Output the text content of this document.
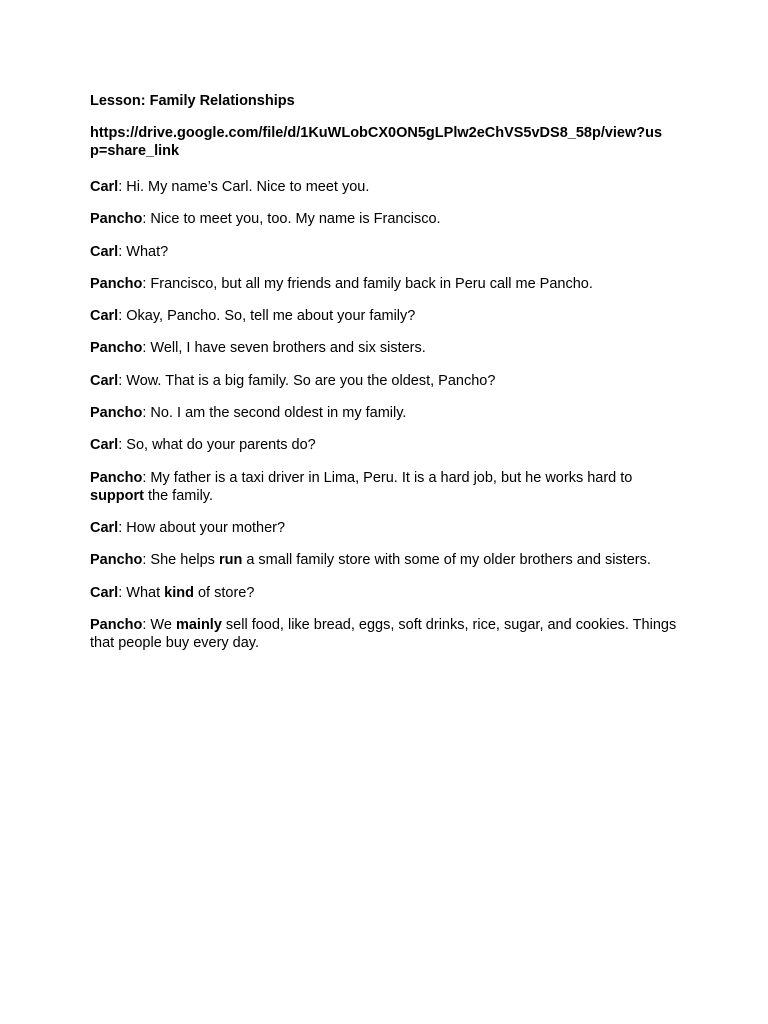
Lesson: Family Relationships
https://drive.google.com/file/d/1KuWLobCX0ON5gLPlw2eChVS5vDS8_58p/view?usp=share_link
Carl: Hi. My name’s Carl. Nice to meet you.
Pancho: Nice to meet you, too. My name is Francisco.
Carl: What?
Pancho: Francisco, but all my friends and family back in Peru call me Pancho.
Carl: Okay, Pancho. So, tell me about your family?
Pancho: Well, I have seven brothers and six sisters.
Carl: Wow. That is a big family. So are you the oldest, Pancho?
Pancho: No. I am the second oldest in my family.
Carl: So, what do your parents do?
Pancho: My father is a taxi driver in Lima, Peru. It is a hard job, but he works hard to support the family.
Carl: How about your mother?
Pancho: She helps run a small family store with some of my older brothers and sisters.
Carl: What kind of store?
Pancho: We mainly sell food, like bread, eggs, soft drinks, rice, sugar, and cookies. Things that people buy every day.
